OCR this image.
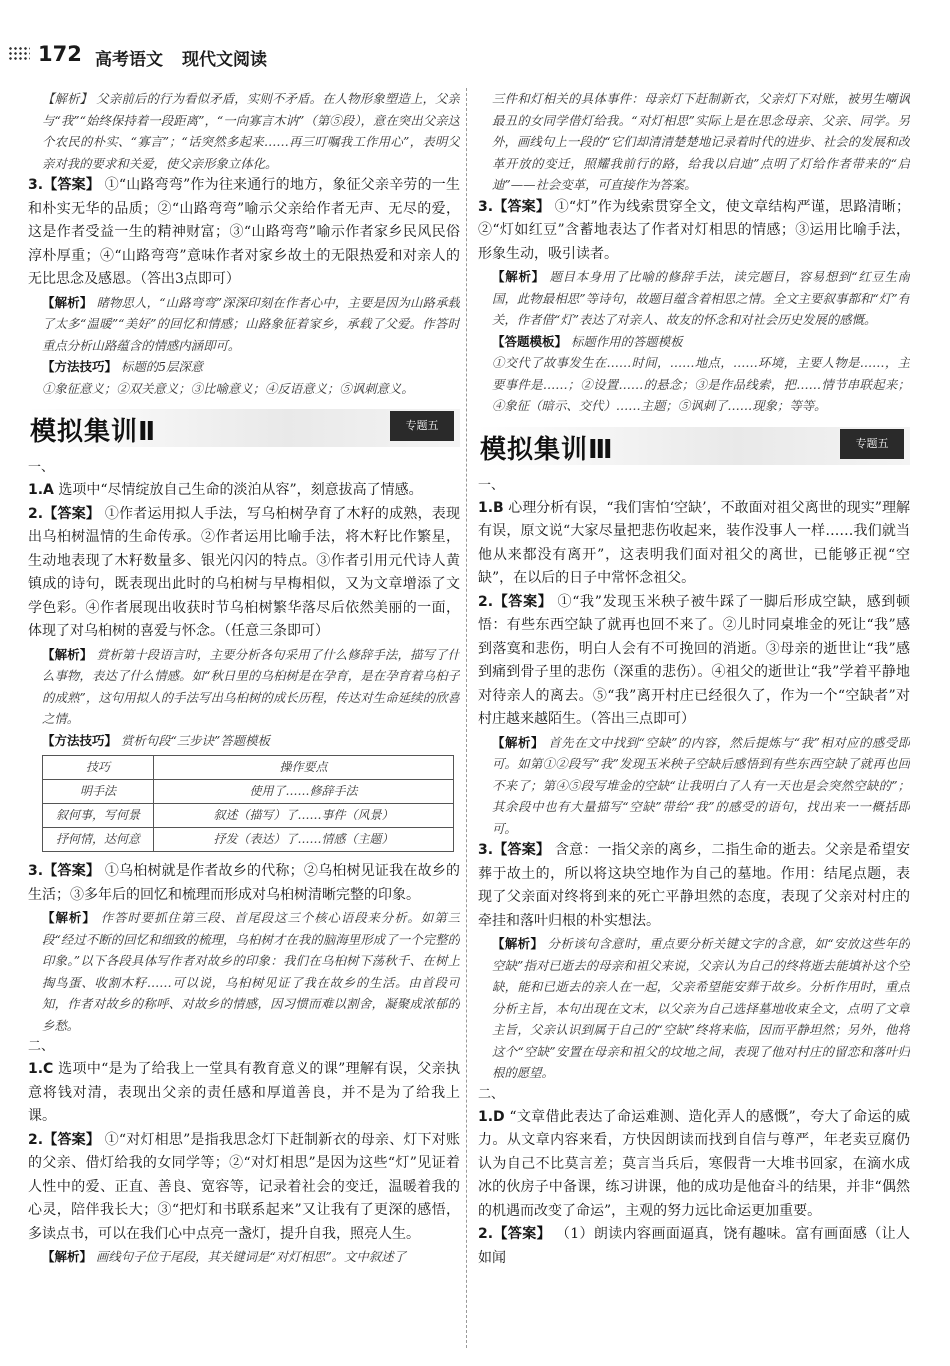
172 高考语文 现代文阅读

【解析】 父亲前后的行为看似矛盾，实则不矛盾。在人物形象塑造上，父亲与“我”“始终保持着一段距离”，“一向寡言木讷”（第⑤段），意在突出父亲这个农民的朴实、“寡言”；“话突然多起来……再三叮嘱我工作用心”，表明父亲对我的要求和关爱，使父亲形象立体化。

3.【答案】 ①“山路弯弯”作为往来通行的地方，象征父亲辛劳的一生和朴实无华的品质；②“山路弯弯”喻示父亲给作者无声、无尽的爱，这是作者受益一生的精神财富；③“山路弯弯”喻示作者家乡民风民俗淳朴厚重；④“山路弯弯”意味作者对家乡故土的无限热爱和对亲人的无比思念及感恩。（答出3点即可）

【解析】 睹物思人，“山路弯弯”深深印刻在作者心中，主要是因为山路承载了太多“温暖”“美好”的回忆和情感；山路象征着家乡，承载了父爱。作答时重点分析山路蕴含的情感内涵即可。

【方法技巧】 标题的5层深意

①象征意义；②双关意义；③比喻意义；④反语意义；⑤讽刺意义。

模拟集训Ⅱ	专题五

一、

1.A 选项中“尽情绽放自己生命的淡泊从容”，刻意拔高了情感。

2.【答案】 ①作者运用拟人手法，写乌桕树孕育了木籽的成熟，表现出乌桕树温情的生命传承。②作者运用比喻手法，将木籽比作繁星，生动地表现了木籽数量多、银光闪闪的特点。③作者引用元代诗人黄镇成的诗句，既表现出此时的乌桕树与早梅相似，又为文章增添了文学色彩。④作者展现出收获时节乌桕树繁华落尽后依然美丽的一面，体现了对乌桕树的喜爱与怀念。（任意三条即可）

【解析】 赏析第十段语言时，主要分析各句采用了什么修辞手法，描写了什么事物，表达了什么情感。如“秋日里的乌桕树是在孕育，是在孕育着乌桕子的成熟”，这句用拟人的手法写出乌桕树的成长历程，传达对生命延续的欣喜之情。

【方法技巧】 赏析句段“三步诀”答题模板

技巧	操作要点
明手法	使用了……修辞手法
叙何事，写何景	叙述（描写）了……事件（风景）
抒何情，达何意	抒发（表达）了……情感（主题）

3.【答案】 ①乌桕树就是作者故乡的代称；②乌桕树见证我在故乡的生活；③多年后的回忆和梳理而形成对乌桕树清晰完整的印象。

【解析】 作答时要抓住第三段、首尾段这三个核心语段来分析。如第三段“经过不断的回忆和细致的梳理，乌桕树才在我的脑海里形成了一个完整的印象。”以下各段具体写作者对故乡的印象：我们在乌桕树下荡秋千、在树上掏鸟蛋、收割木籽……可以说，乌桕树见证了我在故乡的生活。由首段可知，作者对故乡的称呼、对故乡的情感，因习惯而难以割舍，凝聚成浓郁的乡愁。

二、

1.C 选项中“是为了给我上一堂具有教育意义的课”理解有误，父亲执意将钱对清，表现出父亲的责任感和厚道善良，并不是为了给我上课。

2.【答案】 ①“对灯相思”是指我思念灯下赶制新衣的母亲、灯下对账的父亲、借灯给我的女同学等；②“对灯相思”是因为这些“灯”见证着人性中的爱、正直、善良、宽容等，记录着社会的变迁，温暖着我的心灵，陪伴我长大；③“把灯和书联系起来”又让我有了更深的感悟，多读点书，可以在我们心中点亮一盏灯，提升自我，照亮人生。

【解析】 画线句子位于尾段，其关键词是“对灯相思”。文中叙述了

三件和灯相关的具体事件：母亲灯下赶制新衣，父亲灯下对账，被男生嘲讽最丑的女同学借灯给我。“对灯相思”实际上是在思念母亲、父亲、同学。另外，画线句上一段的“它们却清清楚楚地记录着时代的进步、社会的发展和改革开放的变迁，照耀我前行的路，给我以启迪”点明了灯给作者带来的“启迪”——社会变革，可直接作为答案。

3.【答案】 ①“灯”作为线索贯穿全文，使文章结构严谨，思路清晰；②“灯如红豆”含蓄地表达了作者对灯相思的情感；③运用比喻手法，形象生动，吸引读者。

【解析】 题目本身用了比喻的修辞手法，读完题目，容易想到“红豆生南国，此物最相思”等诗句，故题目蕴含着相思之情。全文主要叙事都和“灯”有关，作者借“灯”表达了对亲人、故友的怀念和对社会历史发展的感慨。

【答题模板】 标题作用的答题模板

①交代了故事发生在……时间，……地点，……环境，主要人物是……，主要事件是……；②设置……的悬念；③是作品线索，把……情节串联起来；④象征（暗示、交代）……主题；⑤讽刺了……现象；等等。

模拟集训Ⅲ	专题五

一、

1.B 心理分析有误，“我们害怕‘空缺’，不敢面对祖父离世的现实”理解有误，原文说“大家尽量把悲伤收起来，装作没事人一样……我们就当他从来都没有离开”，这表明我们面对祖父的离世，已能够正视“空缺”，在以后的日子中常怀念祖父。

2.【答案】 ①“我”发现玉米秧子被牛踩了一脚后形成空缺，感到顿悟：有些东西空缺了就再也回不来了。②儿时同桌堆金的死让“我”感到落寞和悲伤，明白人会有不可挽回的消逝。③母亲的逝世让“我”感到痛到骨子里的悲伤（深重的悲伤）。④祖父的逝世让“我”学着平静地对待亲人的离去。⑤“我”离开村庄已经很久了，作为一个“空缺者”对村庄越来越陌生。（答出三点即可）

【解析】 首先在文中找到“空缺”的内容，然后提炼与“我”相对应的感受即可。如第①②段写“我”发现玉米秧子空缺后感悟到有些东西空缺了就再也回不来了；第④⑤段写堆金的空缺“让我明白了人有一天也是会突然空缺的”；其余段中也有大量描写“空缺”带给“我”的感受的语句，找出来一一概括即可。

3.【答案】 含意：一指父亲的离乡，二指生命的逝去。父亲是希望安葬于故土的，所以将这块空地作为自己的墓地。作用：结尾点题，表现了父亲面对终将到来的死亡平静坦然的态度，表现了父亲对村庄的牵挂和落叶归根的朴实想法。

【解析】 分析该句含意时，重点要分析关键文字的含意，如“安放这些年的空缺”指对已逝去的母亲和祖父来说，父亲认为自己的终将逝去能填补这个空缺，能和已逝去的亲人在一起，父亲希望能安葬于故乡。分析作用时，重点分析主旨，本句出现在文末，以父亲为自己选择墓地收束全文，点明了文章主旨，父亲认识到属于自己的“空缺”终将来临，因而平静坦然；另外，他将这个“空缺”安置在母亲和祖父的坟地之间，表现了他对村庄的留恋和落叶归根的愿望。

二、

1.D “文章借此表达了命运难测、造化弄人的感慨”，夸大了命运的威力。从文章内容来看，方快因朗读而找到自信与尊严，年老卖豆腐仍认为自己不比莫言差；莫言当兵后，寒假背一大堆书回家，在滴水成冰的伙房子中备课，练习讲课，他的成功是他奋斗的结果，并非“偶然的机遇而改变了命运”，主观的努力远比命运更加重要。

2.【答案】 （1）朗读内容画面逼真，饶有趣味。富有画面感（让人如闻
